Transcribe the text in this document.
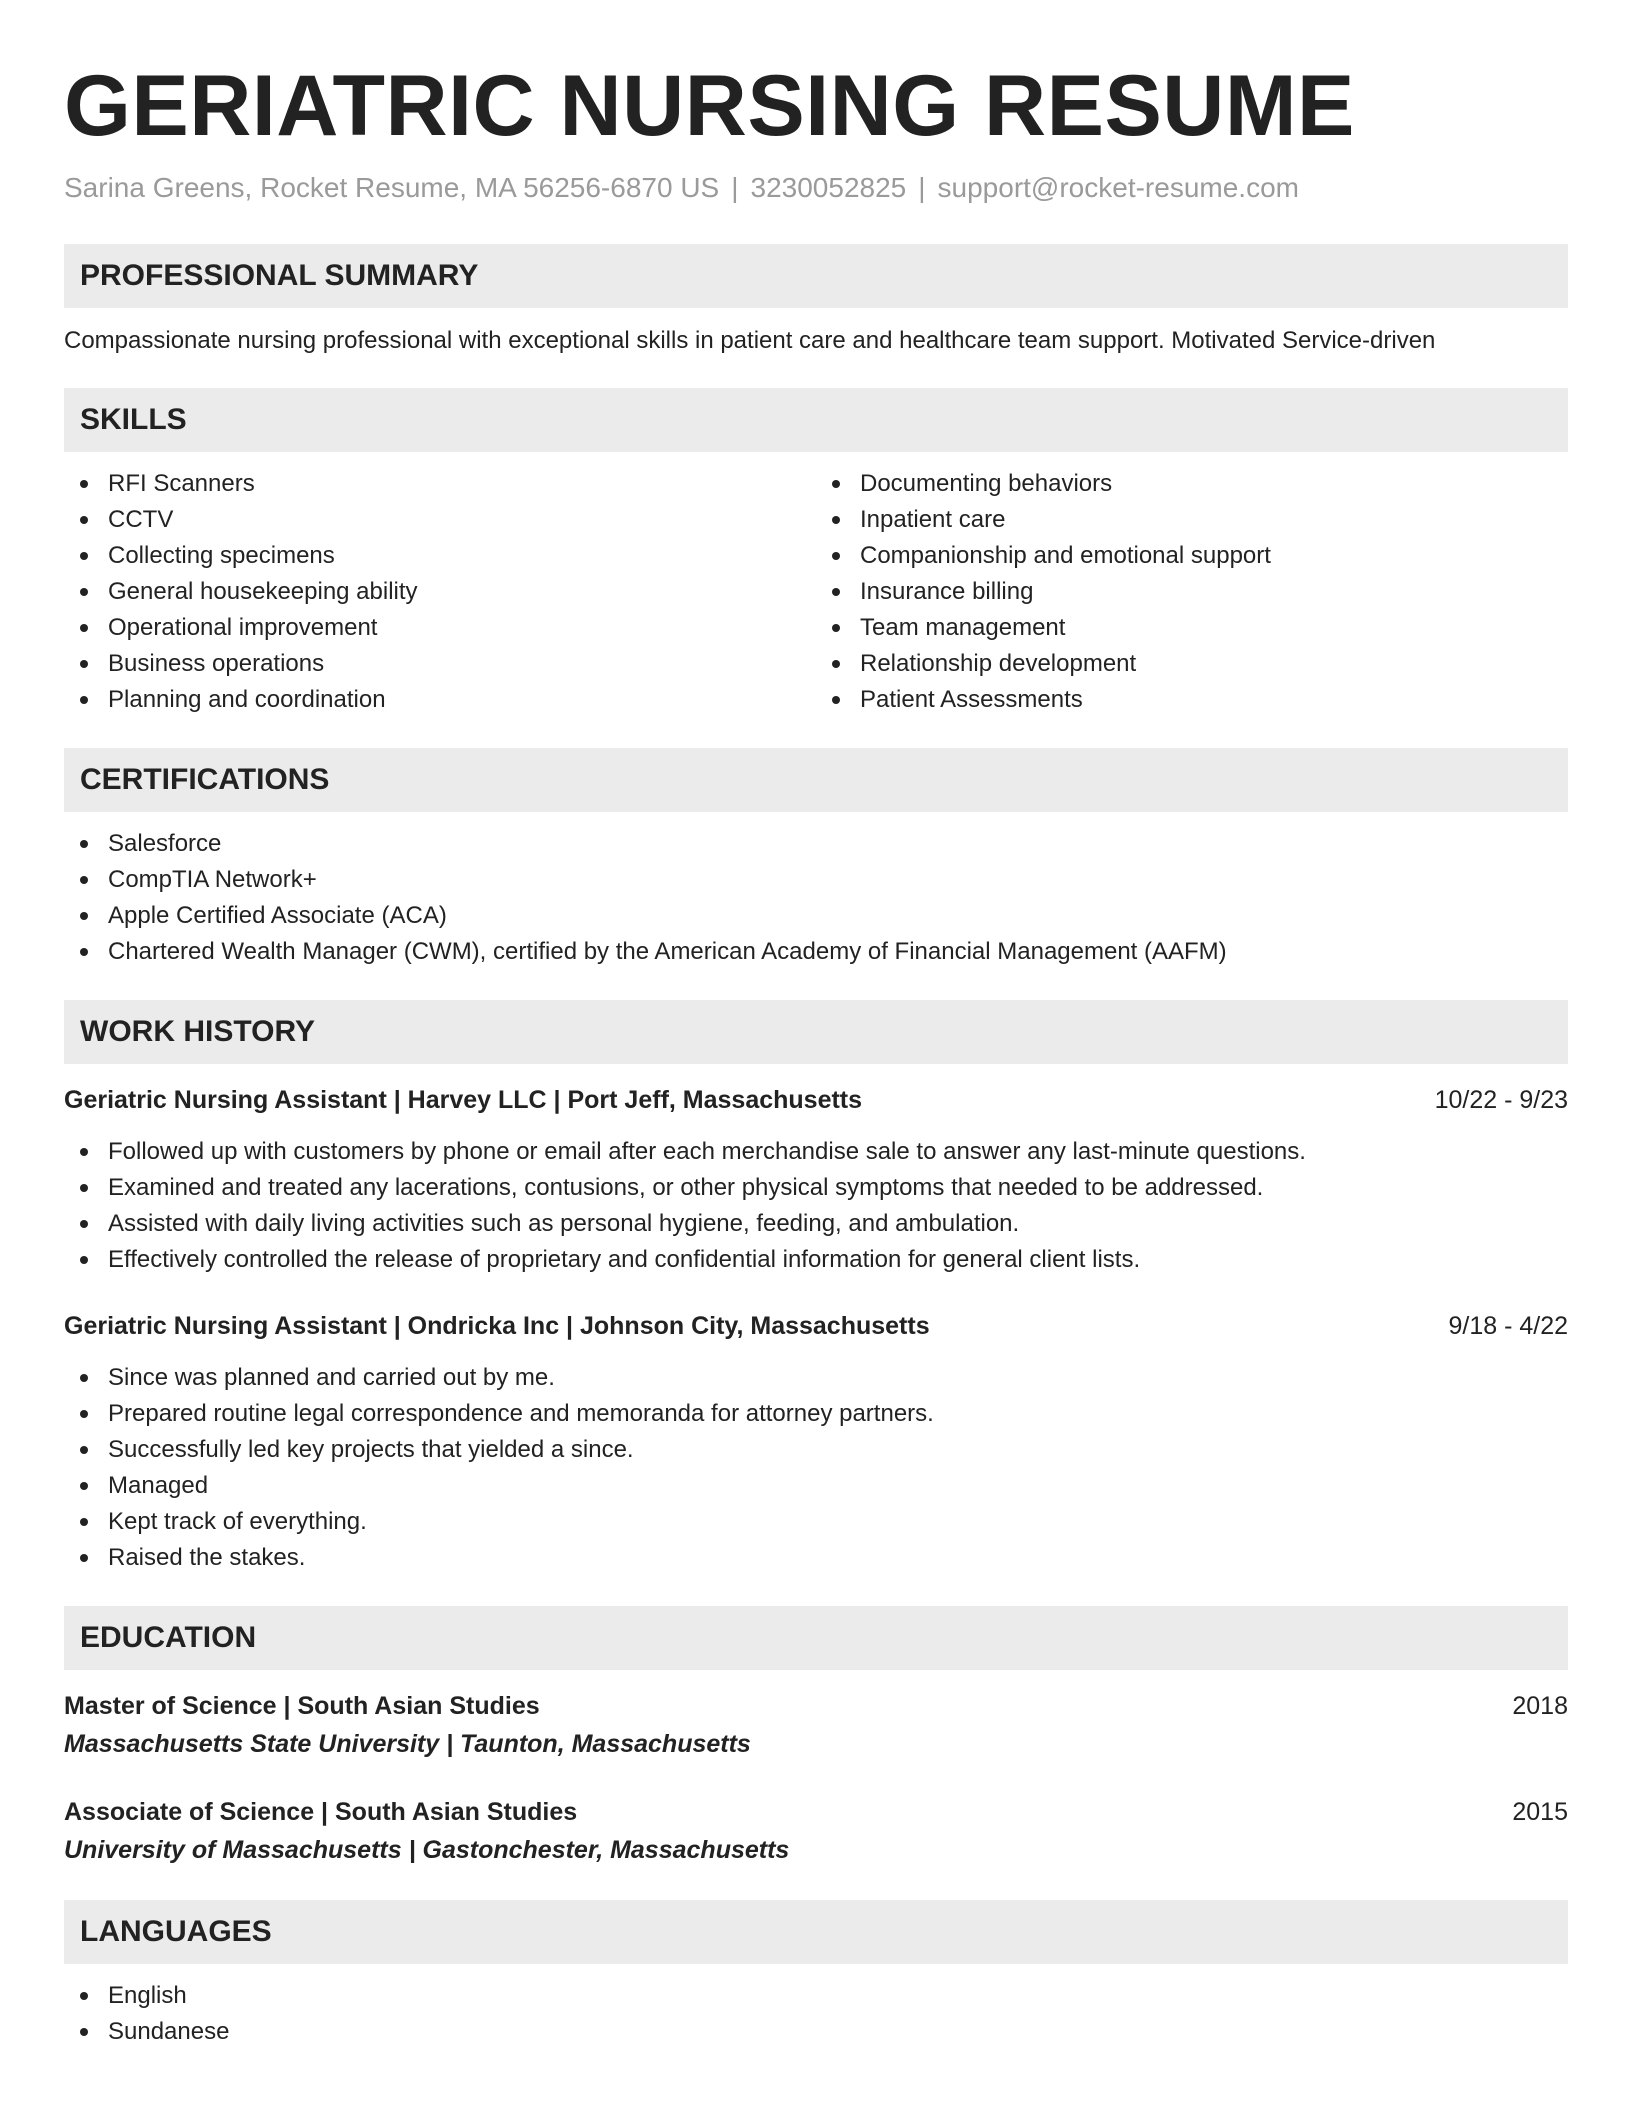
GERIATRIC NURSING RESUME
Sarina Greens, Rocket Resume, MA 56256-6870 US | 3230052825 | support@rocket-resume.com
PROFESSIONAL SUMMARY
Compassionate nursing professional with exceptional skills in patient care and healthcare team support. Motivated Service-driven
SKILLS
RFI Scanners
CCTV
Collecting specimens
General housekeeping ability
Operational improvement
Business operations
Planning and coordination
Documenting behaviors
Inpatient care
Companionship and emotional support
Insurance billing
Team management
Relationship development
Patient Assessments
CERTIFICATIONS
Salesforce
CompTIA Network+
Apple Certified Associate (ACA)
Chartered Wealth Manager (CWM), certified by the American Academy of Financial Management (AAFM)
WORK HISTORY
Geriatric Nursing Assistant | Harvey LLC | Port Jeff, Massachusetts	10/22 - 9/23
Followed up with customers by phone or email after each merchandise sale to answer any last-minute questions.
Examined and treated any lacerations, contusions, or other physical symptoms that needed to be addressed.
Assisted with daily living activities such as personal hygiene, feeding, and ambulation.
Effectively controlled the release of proprietary and confidential information for general client lists.
Geriatric Nursing Assistant | Ondricka Inc | Johnson City, Massachusetts	9/18 - 4/22
Since was planned and carried out by me.
Prepared routine legal correspondence and memoranda for attorney partners.
Successfully led key projects that yielded a since.
Managed
Kept track of everything.
Raised the stakes.
EDUCATION
Master of Science | South Asian Studies	2018
Massachusetts State University | Taunton, Massachusetts
Associate of Science | South Asian Studies	2015
University of Massachusetts | Gastonchester, Massachusetts
LANGUAGES
English
Sundanese
